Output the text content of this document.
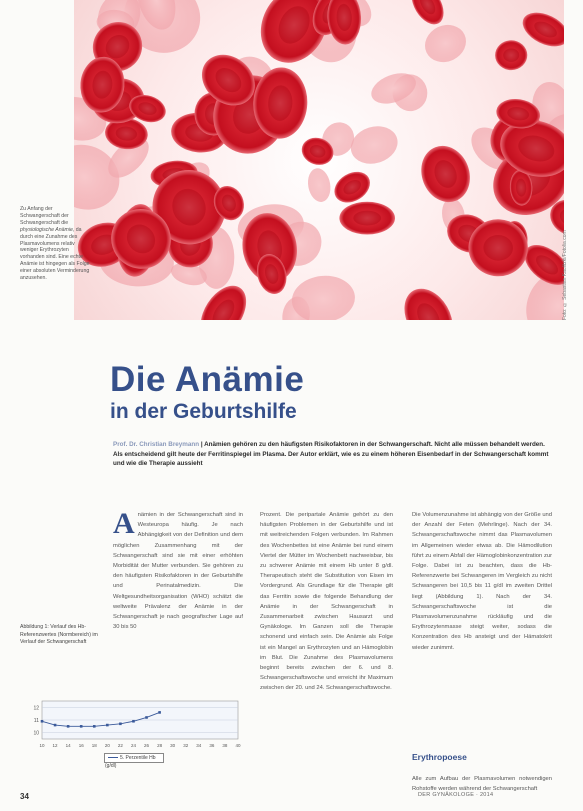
Foto: © Sebastian Kaulitzki/Fotolia.com
Zu Anfang der Schwangerschaft der Schwangerschaft die physiologische Anämie, da durch eine Zunahme des Plasmavolumens relativ weniger Erythrozyten vorhanden sind. Eine echte Anämie ist hingegen als Folge einer absoluten Verminderung anzusehen.
Die Anämie
in der Geburtshilfe
Prof. Dr. Christian Breymann | Anämien gehören zu den häufigsten Risikofaktoren in der Schwangerschaft. Nicht alle müssen behandelt werden. Als entscheidend gilt heute der Ferritinspiegel im Plasma. Der Autor erklärt, wie es zu einem höheren Eisenbedarf in der Schwangerschaft kommt und wie die Therapie aussieht
Anämien in der Schwangerschaft sind in Westeuropa häufig. Je nach Abhängigkeit von der Definition und dem möglichen Zusammenhang mit der Schwangerschaft sind sie mit einer erhöhten Morbidität der Mutter verbunden. Sie gehören zu den häufigsten Risikofaktoren in der Geburtshilfe und Perinatalmedizin. Die Weltgesundheitsorganisation (WHO) schätzt die weltweite Prävalenz der Anämie in der Schwangerschaft je nach geografischer Lage auf 30 bis 50
Prozent. Die peripartale Anämie gehört zu den häufigsten Problemen in der Geburtshilfe und ist mit weitreichenden Folgen verbunden. Im Rahmen des Wochenbettes ist eine Anämie bei rund einem Viertel der Mütter im Wochenbett nachweisbar, bis zu schwerer Anämie mit einem Hb unter 8 g/dl. Therapeutisch steht die Substitution von Eisen im Vordergrund. Als Grundlage für die Therapie gilt das Ferritin sowie die folgende Behandlung der Anämie in der Schwangerschaft in Zusammenarbeit zwischen Hausarzt und Gynäkologe. Im Ganzen soll die Therapie schonend und einfach sein. Die Anämie als Folge ist ein Mangel an Erythrozyten und an Hämoglobin im Blut. Die Zunahme des Plasmavolumens beginnt bereits zwischen der 6. und 8. Schwangerschaftswoche und erreicht ihr Maximum zwischen der 20. und 24. Schwangerschaftswoche.
Die Volumenzunahme ist abhängig von der Größe und der Anzahl der Feten (Mehrlinge). Nach der 34. Schwangerschaftswoche nimmt das Plasmavolumen im Allgemeinen wieder etwas ab. Die Hämodilution führt zu einem Abfall der Hämoglobinkonzentration zur Folge. Dabei ist zu beachten, dass die Hb-Referenzwerte bei Schwangeren im Vergleich zu nicht Schwangeren bei 10,5 bis 11 g/dl im zweiten Drittel liegt (Abbildung 1). Nach der 34. Schwangerschaftswoche ist die Plasmavolumenzunahme rückläufig und die Erythrozytenmasse steigt weiter, sodass die Konzentration des Hb ansteigt und der Hämatokrit wieder zunimmt.
Abbildung 1: Verlauf des Hb-Referenzwertes (Normbereich) im Verlauf der Schwangerschaft
10
11
12
10 12 14 16 18 20 22 24 26 28 30 32 34 36 38 40
5. Perzentile Hb (g/dl)
Erythropoese
Alle zum Aufbau der Plasmavolumen notwendigen Rohstoffe werden während der Schwangerschaft
34	DER GYNÄKOLOGE · 2014
